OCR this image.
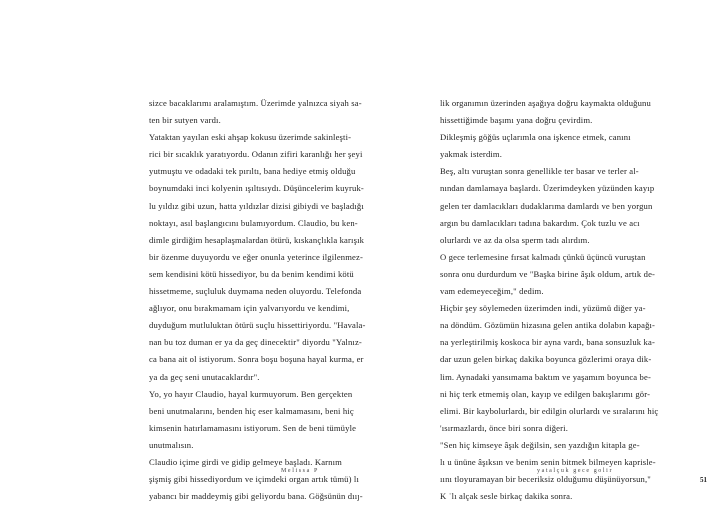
sizce bacaklarımı aralamıştım. Üzerimde yalnızca siyah sa-
ten bir sutyen vardı.
Yataktan yayılan eski ahşap kokusu üzerimde sakinleşti-
rici bir sıcaklık yaratıyordu. Odanın zifiri karanlığı her şeyi
yutmuştu ve odadaki tek pırıltı, bana hediye etmiş olduğu
boynumdaki inci kolyenin ışıltısıydı. Düşüncelerim kuyruk-
lu yıldız gibi uzun, hatta yıldızlar dizisi gibiydi ve başladığı
noktayı, asıl başlangıcını bulamıyordum. Claudio, bu ken-
dimle girdiğim hesaplaşmalardan ötürü, kıskançlıkla karışık
bir özenme duyuyordu ve eğer onunla yeterince ilgilenmez-
sem kendisini kötü hissediyor, bu da benim kendimi kötü
hissetmeme, suçluluk duymama neden oluyordu. Telefonda
ağlıyor, onu bırakmamam için yalvarıyordu ve kendimi,
duyduğum mutluluktan ötürü suçlu hissettiriyordu. "Havala-
nan bu toz duman er ya da geç dinecektir" diyordu "Yalnız-
ca bana ait ol istiyorum. Sonra boşu boşuna hayal kurma, er
ya da geç seni unutacaklardır".
Yo, yo hayır Claudio, hayal kurmuyorum. Ben gerçekten
beni unutmalarını, benden hiç eser kalmamasını, beni hiç
kimsenin hatırlamamasını istiyorum. Sen de beni tümüyle
unutmalısın.
Claudio içime girdi ve gidip gelmeye başladı. Karnım
şişmiş gibi hissediyordum ve içimdeki organ artık tümü) lı
yabancı bir maddeymiş gibi geliyordu bana. Göğsünün dııȷ-
lik organımın üzerinden aşağıya doğru kaymakta olduğunu
hissettiğimde başımı yana doğru çevirdim.
Dikleşmiş göğüs uçlarımla ona işkence etmek, canını
yakmak isterdim.
Beş, altı vuruştan sonra genellikle ter basar ve terler al-
nından damlamaya başlardı. Üzerimdeyken yüzünden kayıp
gelen ter damlacıkları dudaklarıma damlardı ve ben yorgun
argın bu damlacıkları tadına bakardım. Çok tuzlu ve acı
olurlardı ve az da olsa sperm tadı alırdım.
O gece terlemesine fırsat kalmadı çünkü üçüncü vuruştan
sonra onu durdurdum ve "Başka birine âşık oldum, artık de-
vam edemeyeceğim," dedim.
Hiçbir şey söylemeden üzerimden indi, yüzümü diğer ya-
na döndüm. Gözümün hizasına gelen antika dolabın kapağı-
na yerleştirilmiş koskoca bir ayna vardı, bana sonsuzluk ka-
dar uzun gelen birkaç dakika boyunca gözlerimi oraya dik-
lim. Aynadaki yansımama baktım ve yaşamım boyunca be-
ni hiç terk etmemiş olan, kayıp ve edilgen bakışlarımı gör-
elimi. Bir kaybolurlardı, bir edilgin olurlardı ve sıralarını hiç
'ısırmazlardı, önce biri sonra diğeri.
"Sen hiç kimseye âşık değilsin, sen yazdığın kitapla ge-
lı u ününe âşıksın ve benim senin bitmek bilmeyen kaprisle-
ıını tloyuramayan bir beceriksiz olduğumu düşünüyorsun,"
K ˈlı alçak sesle birkaç dakika sonra.
Melissa P	yatalçuk gece golir
51
